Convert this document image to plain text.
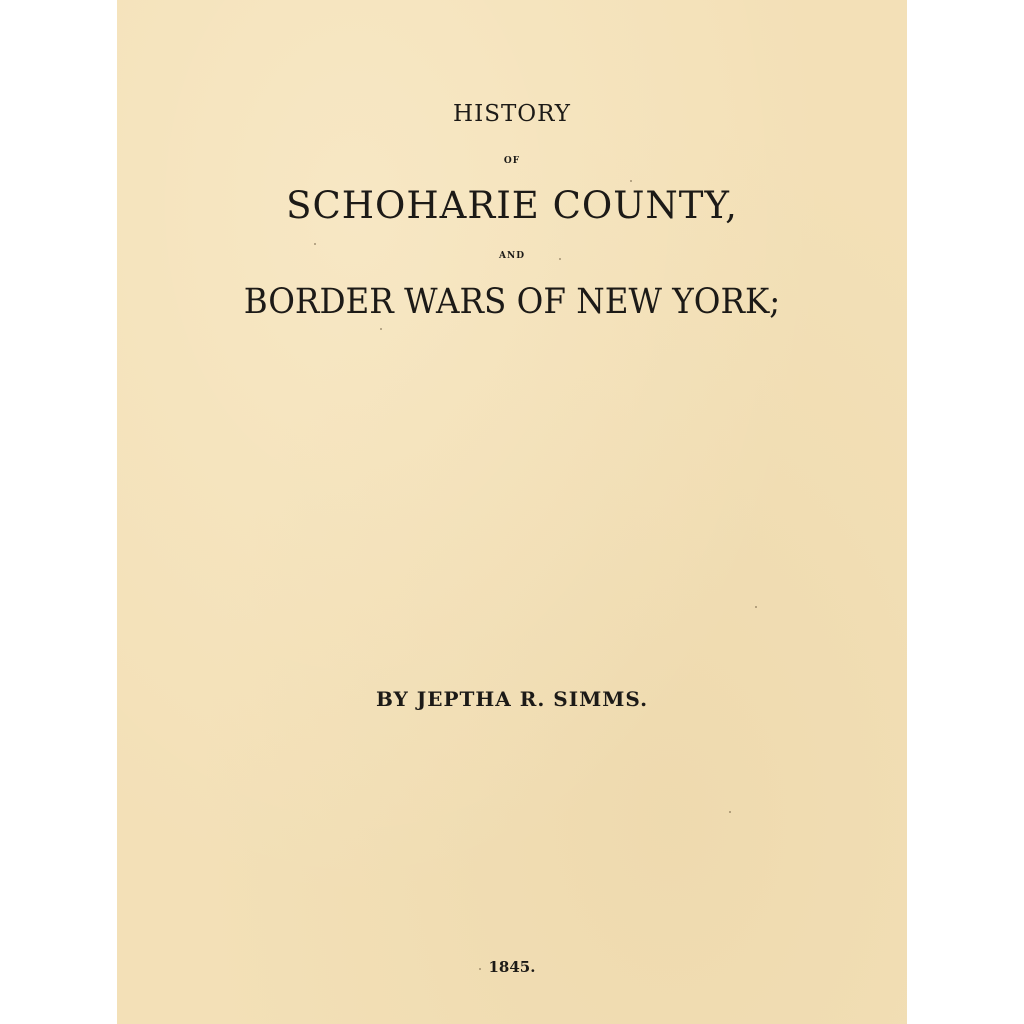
HISTORY
OF
SCHOHARIE COUNTY,
AND
BORDER WARS OF NEW YORK;
BY JEPTHA R. SIMMS.
1845.
